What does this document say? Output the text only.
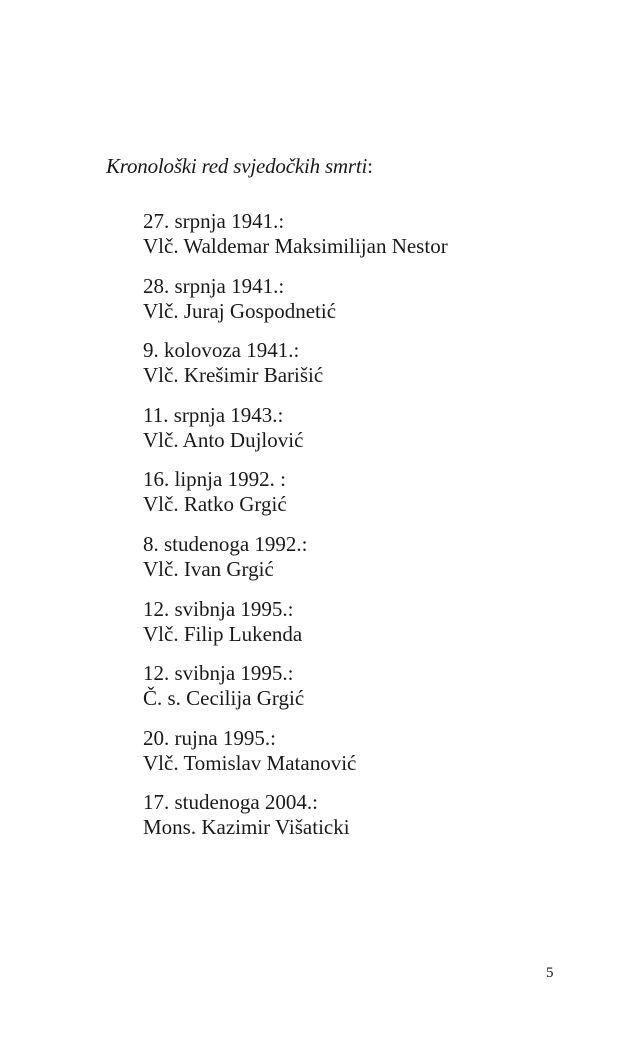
Kronološki red svjedočkih smrti:
27. srpnja 1941.:
Vlč. Waldemar Maksimilijan Nestor
28. srpnja 1941.:
Vlč. Juraj Gospodnetić
9. kolovoza 1941.:
Vlč. Krešimir Barišić
11. srpnja 1943.:
Vlč. Anto Dujlović
16. lipnja 1992. :
Vlč. Ratko Grgić
8. studenoga 1992.:
Vlč. Ivan Grgić
12. svibnja 1995.:
Vlč. Filip Lukenda
12. svibnja 1995.:
Č. s. Cecilija Grgić
20. rujna 1995.:
Vlč. Tomislav Matanović
17. studenoga 2004.:
Mons. Kazimir Višaticki
5
